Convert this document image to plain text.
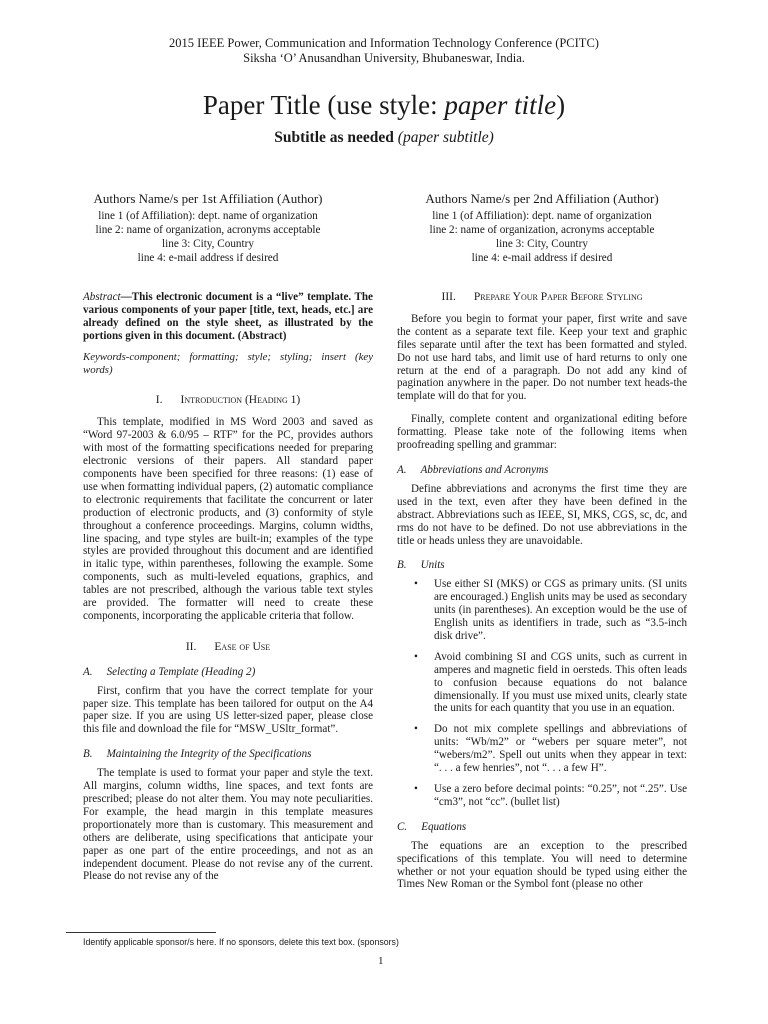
2015 IEEE Power, Communication and Information Technology Conference (PCITC)
Siksha ‘O’ Anusandhan University, Bhubaneswar, India.
Paper Title (use style: paper title)
Subtitle as needed (paper subtitle)
Authors Name/s per 1st Affiliation (Author)
line 1 (of Affiliation): dept. name of organization
line 2: name of organization, acronyms acceptable
line 3: City, Country
line 4: e-mail address if desired
Authors Name/s per 2nd Affiliation (Author)
line 1 (of Affiliation): dept. name of organization
line 2: name of organization, acronyms acceptable
line 3: City, Country
line 4: e-mail address if desired

Abstract—This electronic document is a “live” template. The various components of your paper [title, text, heads, etc.] are already defined on the style sheet, as illustrated by the portions given in this document. (Abstract)

Keywords-component; formatting; style; styling; insert (key words)

I. Introduction (Heading 1)

This template, modified in MS Word 2003 and saved as “Word 97-2003 & 6.0/95 – RTF” for the PC, provides authors with most of the formatting specifications needed for preparing electronic versions of their papers. All standard paper components have been specified for three reasons: (1) ease of use when formatting individual papers, (2) automatic compliance to electronic requirements that facilitate the concurrent or later production of electronic products, and (3) conformity of style throughout a conference proceedings. Margins, column widths, line spacing, and type styles are built-in; examples of the type styles are provided throughout this document and are identified in italic type, within parentheses, following the example. Some components, such as multi-leveled equations, graphics, and tables are not prescribed, although the various table text styles are provided. The formatter will need to create these components, incorporating the applicable criteria that follow.

II. Ease of Use
A. Selecting a Template (Heading 2)

First, confirm that you have the correct template for your paper size. This template has been tailored for output on the A4 paper size. If you are using US letter-sized paper, please close this file and download the file for “MSW_USltr_format”.

B. Maintaining the Integrity of the Specifications

The template is used to format your paper and style the text. All margins, column widths, line spaces, and text fonts are prescribed; please do not alter them. You may note peculiarities. For example, the head margin in this template measures proportionately more than is customary. This measurement and others are deliberate, using specifications that anticipate your paper as one part of the entire proceedings, and not as an independent document. Please do not revise any of the current. Please do not revise any of the

III. Prepare Your Paper Before Styling

Before you begin to format your paper, first write and save the content as a separate text file. Keep your text and graphic files separate until after the text has been formatted and styled. Do not use hard tabs, and limit use of hard returns to only one return at the end of a paragraph. Do not add any kind of pagination anywhere in the paper. Do not number text heads-the template will do that for you.

Finally, complete content and organizational editing before formatting. Please take note of the following items when proofreading spelling and grammar:

A. Abbreviations and Acronyms

Define abbreviations and acronyms the first time they are used in the text, even after they have been defined in the abstract. Abbreviations such as IEEE, SI, MKS, CGS, sc, dc, and rms do not have to be defined. Do not use abbreviations in the title or heads unless they are unavoidable.

B. Units
• Use either SI (MKS) or CGS as primary units. (SI units are encouraged.) English units may be used as secondary units (in parentheses). An exception would be the use of English units as identifiers in trade, such as “3.5-inch disk drive”.
• Avoid combining SI and CGS units, such as current in amperes and magnetic field in oersteds. This often leads to confusion because equations do not balance dimensionally. If you must use mixed units, clearly state the units for each quantity that you use in an equation.
• Do not mix complete spellings and abbreviations of units: “Wb/m2” or “webers per square meter”, not “webers/m2”. Spell out units when they appear in text: “. . . a few henries”, not “. . . a few H”.
• Use a zero before decimal points: “0.25”, not “.25”. Use “cm3”, not “cc”. (bullet list)
C. Equations

The equations are an exception to the prescribed specifications of this template. You will need to determine whether or not your equation should be typed using either the Times New Roman or the Symbol font (please no other

Identify applicable sponsor/s here. If no sponsors, delete this text box. (sponsors)
1
